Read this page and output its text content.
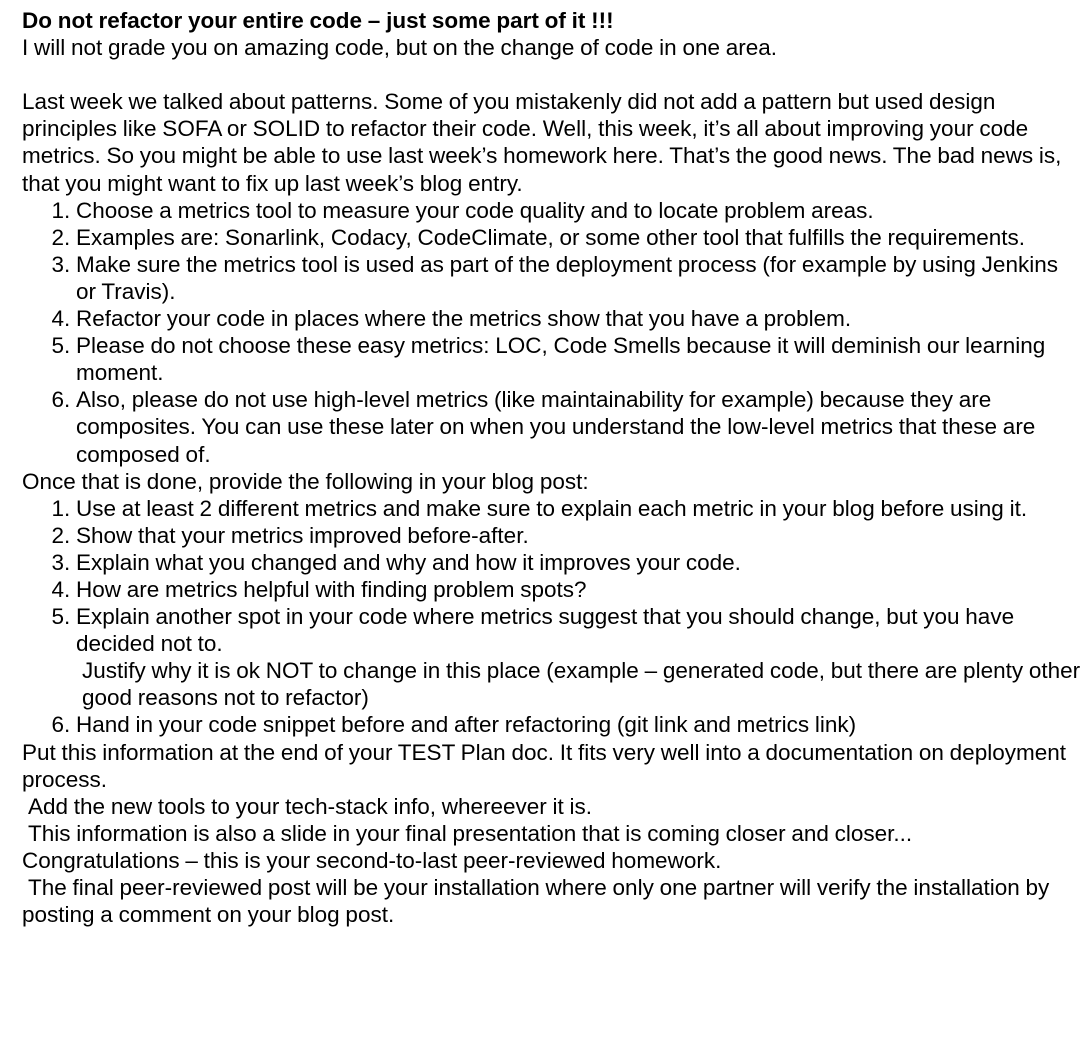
Do not refactor your entire code – just some part of it !!!

I will not grade you on amazing code, but on the change of code in one area.

Last week we talked about patterns. Some of you mistakenly did not add a pattern but used design principles like SOFA or SOLID to refactor their code. Well, this week, it’s all about improving your code metrics. So you might be able to use last week’s homework here. That’s the good news. The bad news is, that you might want to fix up last week’s blog entry.

1. Choose a metrics tool to measure your code quality and to locate problem areas.
2. Examples are: Sonarlink, Codacy, CodeClimate, or some other tool that fulfills the requirements.
3. Make sure the metrics tool is used as part of the deployment process (for example by using Jenkins or Travis).
4. Refactor your code in places where the metrics show that you have a problem.
5. Please do not choose these easy metrics: LOC, Code Smells because it will deminish our learning moment.
6. Also, please do not use high-level metrics (like maintainability for example) because they are composites. You can use these later on when you understand the low-level metrics that these are composed of.

Once that is done, provide the following in your blog post:

1. Use at least 2 different metrics and make sure to explain each metric in your blog before using it.
2. Show that your metrics improved before-after.
3. Explain what you changed and why and how it improves your code.
4. How are metrics helpful with finding problem spots?
5. Explain another spot in your code where metrics suggest that you should change, but you have decided not to.
Justify why it is ok NOT to change in this place (example – generated code, but there are plenty other good reasons not to refactor)
6. Hand in your code snippet before and after refactoring (git link and metrics link)

Put this information at the end of your TEST Plan doc. It fits very well into a documentation on deployment process.

Add the new tools to your tech-stack info, whereever it is.

This information is also a slide in your final presentation that is coming closer and closer...

Congratulations – this is your second-to-last peer-reviewed homework.

The final peer-reviewed post will be your installation where only one partner will verify the installation by posting a comment on your blog post.
